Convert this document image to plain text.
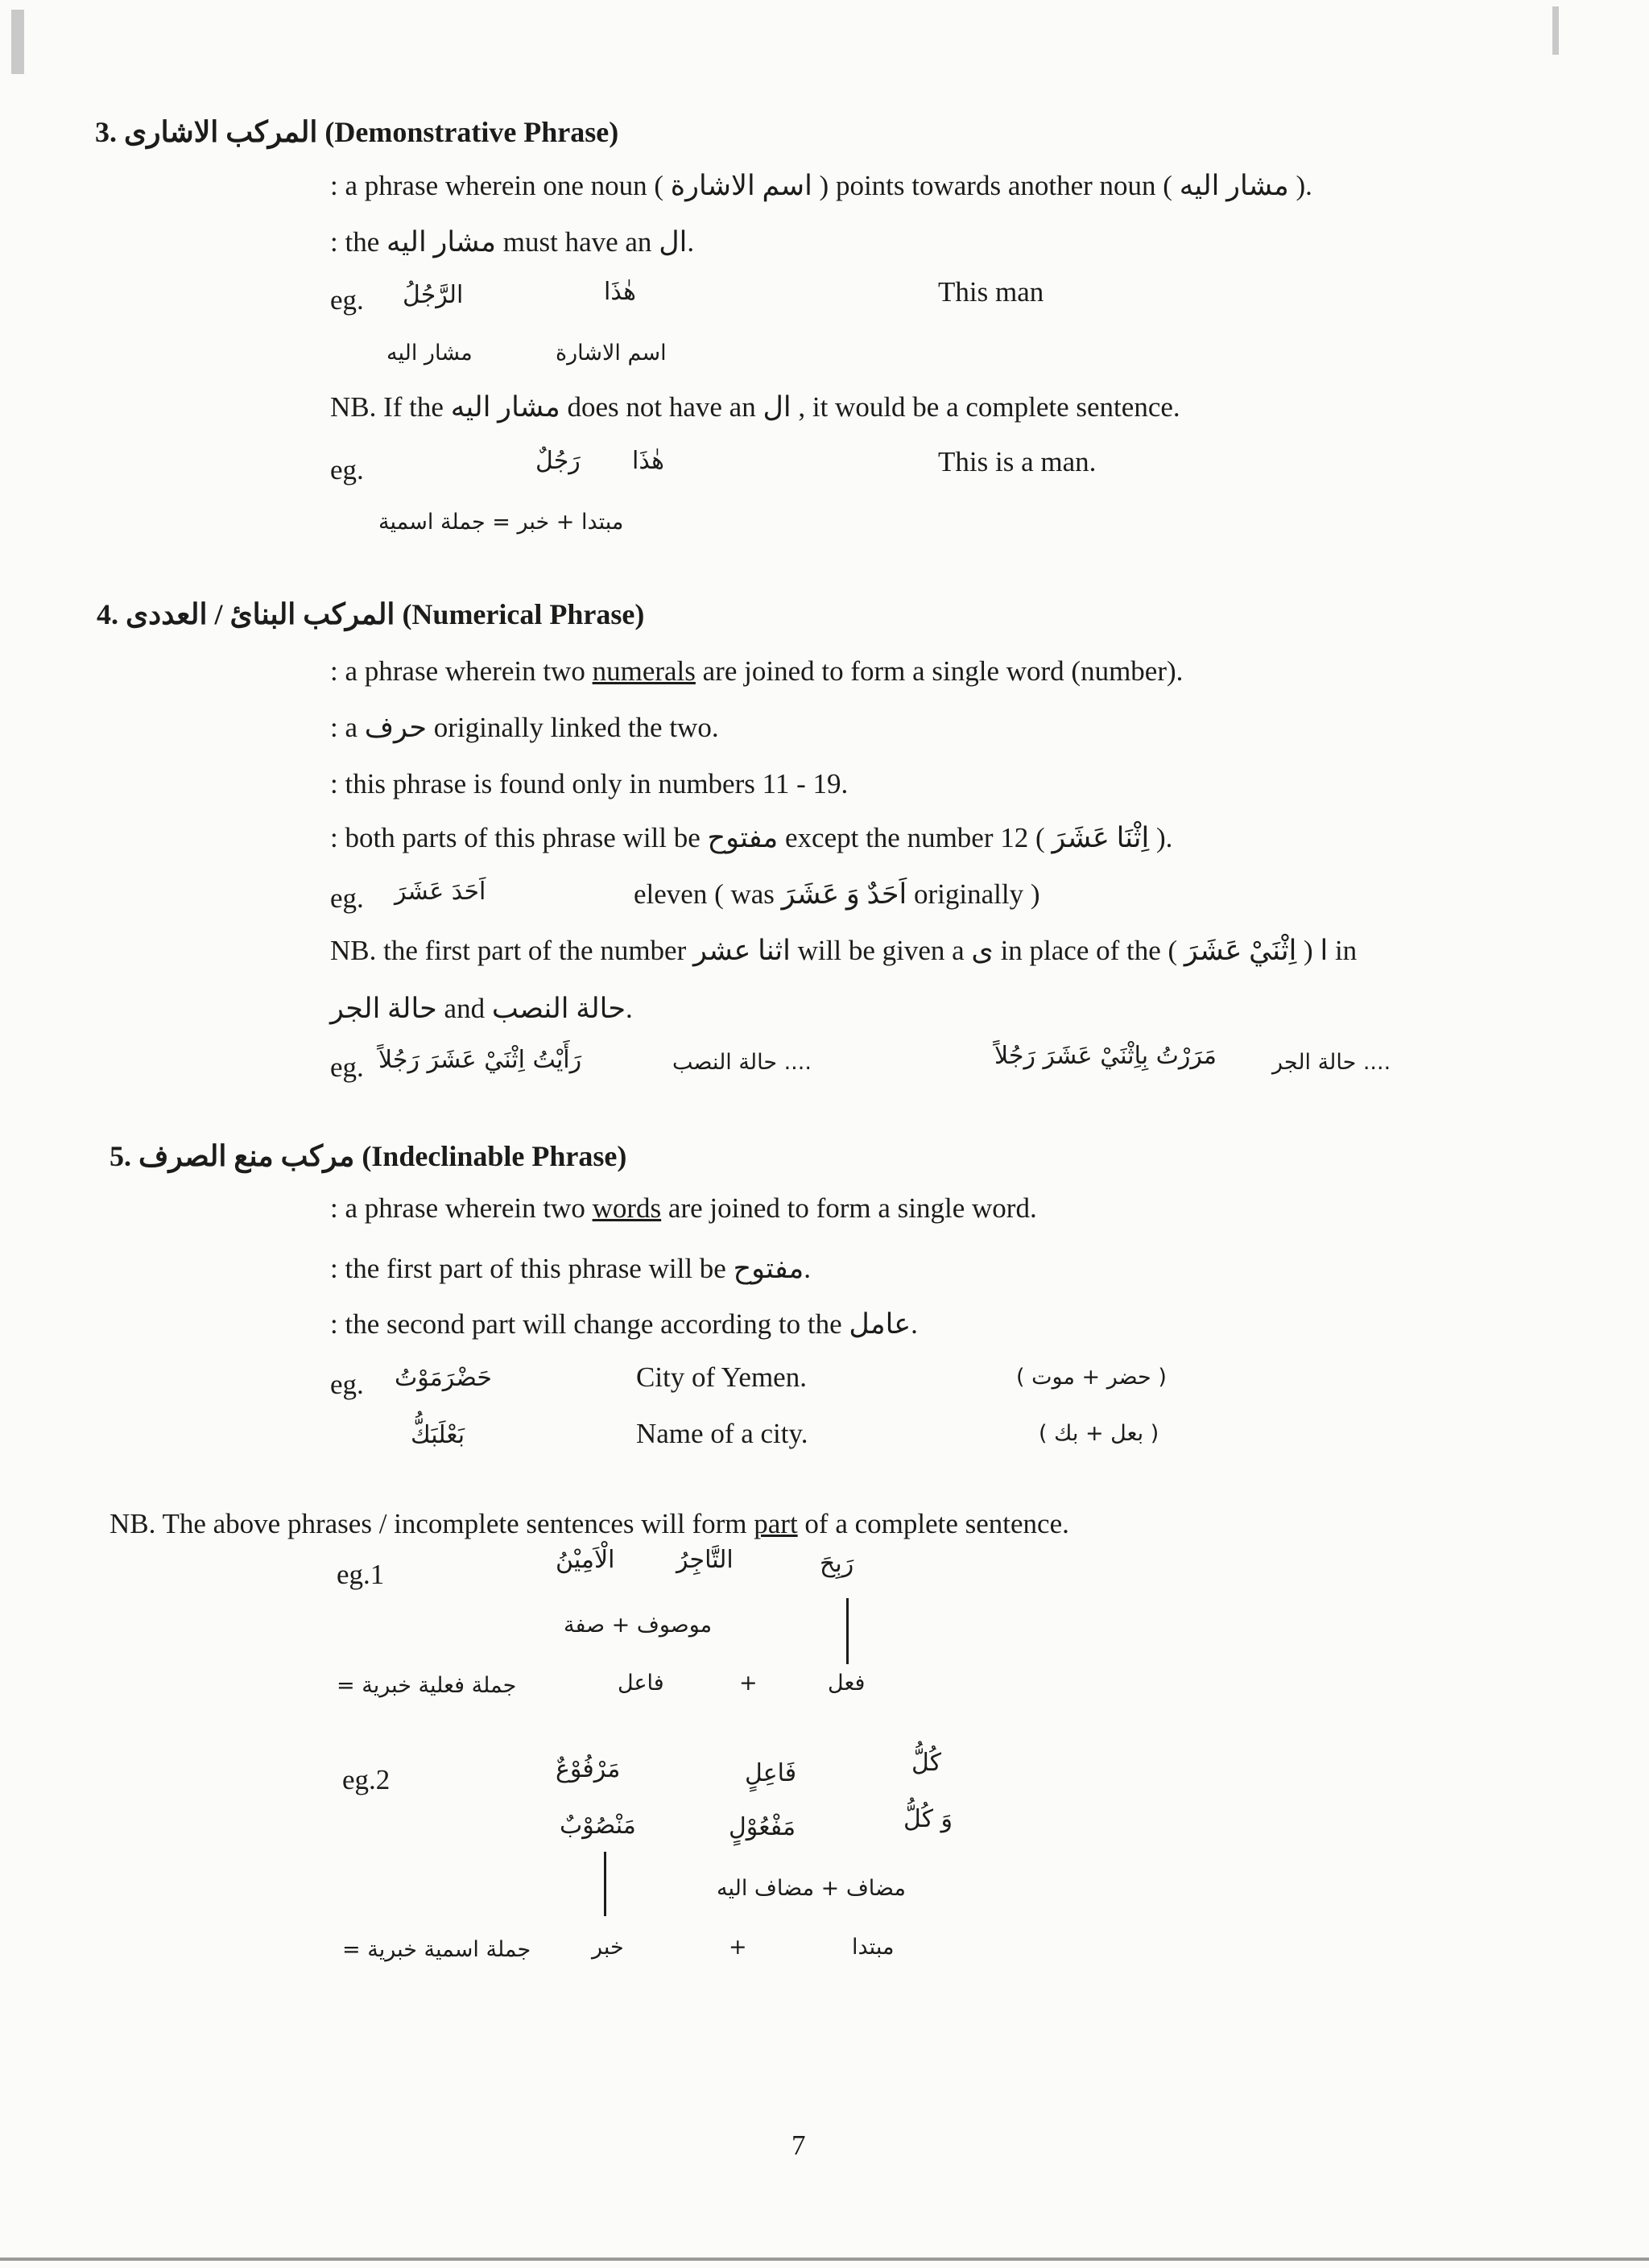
3. المركب الاشارى (Demonstrative Phrase)
: a phrase wherein one noun ( اسم الاشارة ) points towards another noun ( مشار اليه ).
: the مشار اليه must have an ال.
eg. الرَّجُلُ	هٰذَا	This man
مشار اليه	اسم الاشارة
NB. If the مشار اليه does not have an ال , it would be a complete sentence.
eg.	رَجُلٌ هٰذَا	This is a man.
مبتدا + خبر = جملة اسمية
4. المركب البنائ / العددى (Numerical Phrase)
: a phrase wherein two numerals are joined to form a single word (number).
: a حرف originally linked the two.
: this phrase is found only in numbers 11 - 19.
: both parts of this phrase will be مفتوح except the number 12 ( اِثْنَا عَشَرَ ).
eg. اَحَدَ عَشَرَ	eleven ( was اَحَدٌ وَ عَشَرَ originally )
NB. the first part of the number اثنا عشر will be given a ى in place of the ا ( اِثْنَيْ عَشَرَ ) in
حالة الجر and حالة النصب.
eg. رَأَيْتُ اِثْنَيْ عَشَرَ رَجُلاً	حالة النصب ....	مَرَرْتُ بِاِثْنَيْ عَشَرَ رَجُلاً	حالة الجر ....
5. مركب منع الصرف (Indeclinable Phrase)
: a phrase wherein two words are joined to form a single word.
: the first part of this phrase will be مفتوح.
: the second part will change according to the عامل.
eg. حَضْرَمَوْتُ	City of Yemen.	( حضر + موت )
بَعْلَبَكُّ	Name of a city.	( بعل + بك )
NB. The above phrases / incomplete sentences will form part of a complete sentence.
eg.1	الْاَمِيْنُ	التَّاجِرُ	رَبِحَ
موصوف + صفة
= جملة فعلية خبرية	فاعل	+	فعل
eg.2	مَرْفُوْعٌ	فَاعِلٍ	كُلُّ
مَنْصُوْبٌ	مَفْعُوْلٍ	وَ كُلُّ
مضاف + مضاف اليه
= جملة اسمية خبرية	خبر	+	مبتدا
7
